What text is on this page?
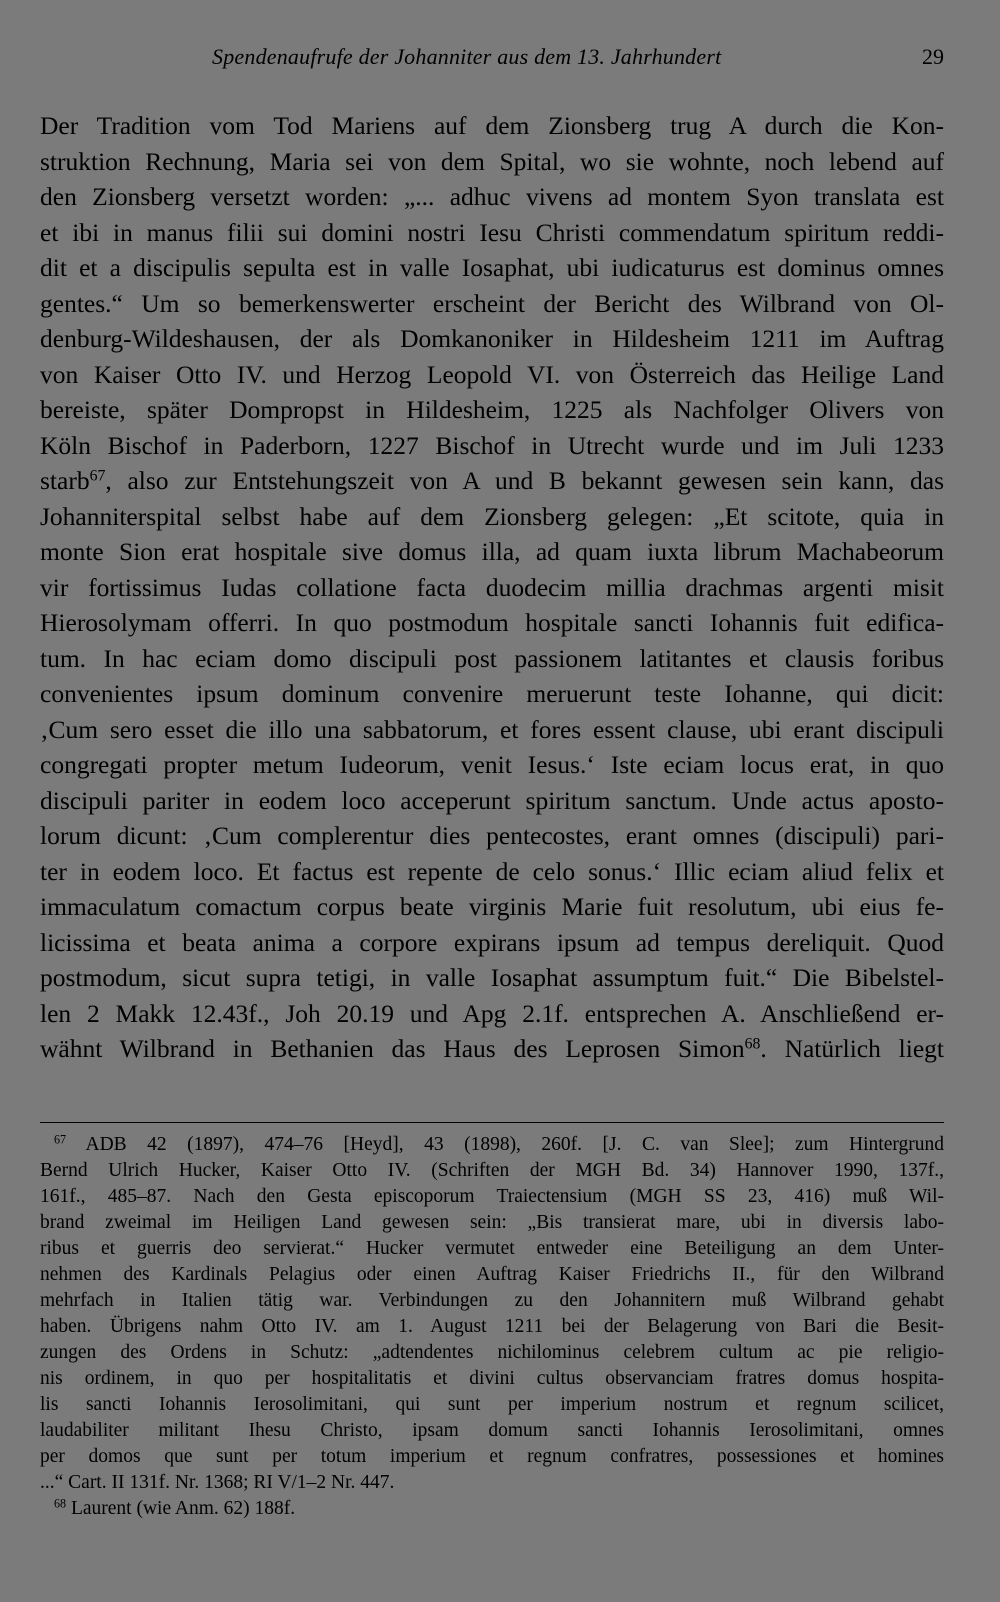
Spendenaufrufe der Johanniter aus dem 13. Jahrhundert	29
Der Tradition vom Tod Mariens auf dem Zionsberg trug A durch die Kon-
struktion Rechnung, Maria sei von dem Spital, wo sie wohnte, noch lebend auf
den Zionsberg versetzt worden: „... adhuc vivens ad montem Syon translata est
et ibi in manus filii sui domini nostri Iesu Christi commendatum spiritum reddi-
dit et a discipulis sepulta est in valle Iosaphat, ubi iudicaturus est dominus omnes
gentes.“ Um so bemerkenswerter erscheint der Bericht des Wilbrand von Ol-
denburg-Wildeshausen, der als Domkanoniker in Hildesheim 1211 im Auftrag
von Kaiser Otto IV. und Herzog Leopold VI. von Österreich das Heilige Land
bereiste, später Dompropst in Hildesheim, 1225 als Nachfolger Olivers von
Köln Bischof in Paderborn, 1227 Bischof in Utrecht wurde und im Juli 1233
starb$^{67}$, also zur Entstehungszeit von A und B bekannt gewesen sein kann, das
Johanniterspital selbst habe auf dem Zionsberg gelegen: „Et scitote, quia in
monte Sion erat hospitale sive domus illa, ad quam iuxta librum Machabeorum
vir fortissimus Iudas collatione facta duodecim millia drachmas argenti misit
Hierosolymam offerri. In quo postmodum hospitale sancti Iohannis fuit edifica-
tum. In hac eciam domo discipuli post passionem latitantes et clausis foribus
convenientes ipsum dominum convenire meruerunt teste Iohanne, qui dicit:
‚Cum sero esset die illo una sabbatorum, et fores essent clause, ubi erant discipuli
congregati propter metum Iudeorum, venit Iesus.‘ Iste eciam locus erat, in quo
discipuli pariter in eodem loco acceperunt spiritum sanctum. Unde actus aposto-
lorum dicunt: ‚Cum complerentur dies pentecostes, erant omnes (discipuli) pari-
ter in eodem loco. Et factus est repente de celo sonus.‘ Illic eciam aliud felix et
immaculatum comactum corpus beate virginis Marie fuit resolutum, ubi eius fe-
licissima et beata anima a corpore expirans ipsum ad tempus dereliquit. Quod
postmodum, sicut supra tetigi, in valle Iosaphat assumptum fuit.“ Die Bibelstel-
len 2 Makk 12.43f., Joh 20.19 und Apg 2.1f. entsprechen A. Anschließend er-
wähnt Wilbrand in Bethanien das Haus des Leprosen Simon$^{68}$. Natürlich liegt
$^{67}$ ADB 42 (1897), 474–76 [Heyd], 43 (1898), 260f. [J. C. van Slee]; zum Hintergrund
Bernd Ulrich Hucker, Kaiser Otto IV. (Schriften der MGH Bd. 34) Hannover 1990, 137f.,
161f., 485–87. Nach den Gesta episcoporum Traiectensium (MGH SS 23, 416) muß Wil-
brand zweimal im Heiligen Land gewesen sein: „Bis transierat mare, ubi in diversis labo-
ribus et guerris deo servierat.“ Hucker vermutet entweder eine Beteiligung an dem Unter-
nehmen des Kardinals Pelagius oder einen Auftrag Kaiser Friedrichs II., für den Wilbrand
mehrfach in Italien tätig war. Verbindungen zu den Johannitern muß Wilbrand gehabt
haben. Übrigens nahm Otto IV. am 1. August 1211 bei der Belagerung von Bari die Besit-
zungen des Ordens in Schutz: „adtendentes nichilominus celebrem cultum ac pie religio-
nis ordinem, in quo per hospitalitatis et divini cultus observanciam fratres domus hospita-
lis sancti Iohannis Ierosolimitani, qui sunt per imperium nostrum et regnum scilicet,
laudabiliter militant Ihesu Christo, ipsam domum sancti Iohannis Ierosolimitani, omnes
per domos que sunt per totum imperium et regnum confratres, possessiones et homines
...“ Cart. II 131f. Nr. 1368; RI V/1–2 Nr. 447.
$^{68}$ Laurent (wie Anm. 62) 188f.
